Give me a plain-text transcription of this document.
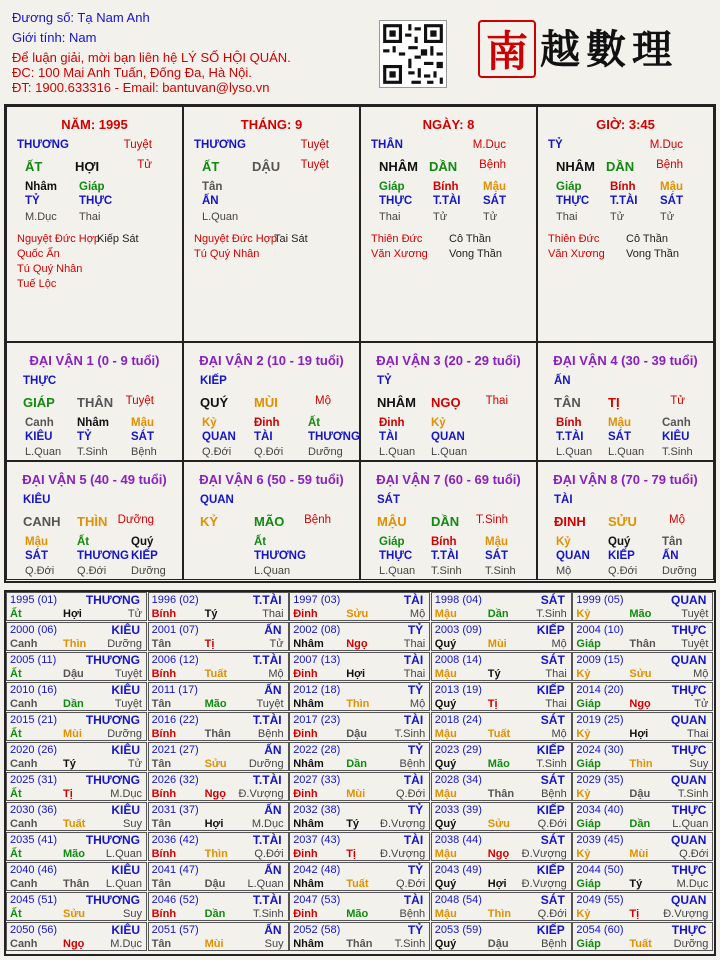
Đương số: Tạ Nam Anh
Giới tính: Nam
Để luận giải, mời bạn liên hệ LÝ SỐ HỘI QUÁN.
ĐC: 100 Mai Anh Tuấn, Đống Đa, Hà Nội.
ĐT: 1900.633316 - Email: bantuvan@lyso.vn
南 越數理
NĂM: 1995
THƯƠNG	Tuyệt
ẤT	HỢI	Tử
Nhâm Giáp
TỶ	THỰC
M.Dục Thai
Nguyệt Đức Hợp
Quốc Ấn
Tú Quý Nhân
Tuế Lộc
Kiếp Sát
THÁNG: 9
THƯƠNG	Tuyệt
ẤT	DẬU Tuyệt
Tân
ẤN
L.Quan
Nguyệt Đức Hợp
Tú Quý Nhân
Tai Sát
NGÀY: 8
THÂN	M.Dục
NHÂM DẦN Bệnh
Giáp Bính Mậu
THỰC T.TÀI SÁT
Thai	Tử	Tử
Thiên Đức
Văn Xương
Cô Thần
Vong Thần
GIỜ: 3:45
TỶ	M.Dục
NHÂM DẦN Bệnh
Giáp Bính Mậu
THỰC T.TÀI SÁT
Thai	Tử	Tử
Thiên Đức
Văn Xương
Cô Thần
Vong Thần
ĐẠI VẬN 1 (0 - 9 tuổi)
THỰC
GIÁP THÂN Tuyệt
Canh Nhâm Mậu
KIÊU TỶ	SÁT
L.Quan T.Sinh Bệnh
ĐẠI VẬN 2 (10 - 19 tuổi)
KIẾP
QUÝ MÙI	Mộ
Kỷ	Đinh Ất
QUAN TÀI	THƯƠNG
Q.Đới Q.Đới Dưỡng
ĐẠI VẬN 3 (20 - 29 tuổi)
TỶ
NHÂM NGỌ Thai
Đinh Kỷ
TÀI	QUAN
L.Quan L.Quan
ĐẠI VẬN 4 (30 - 39 tuổi)
ẤN
TÂN TỊ	Tử
Bính Mậu	Canh
T.TÀI SÁT	KIÊU
L.Quan L.Quan T.Sinh
ĐẠI VẬN 5 (40 - 49 tuổi)
KIÊU
CANH THÌN Dưỡng
Mậu	Ất	Quý
SÁT	THƯƠNG KIẾP
Q.Đới Q.Đới Dưỡng
ĐẠI VẬN 6 (50 - 59 tuổi)
QUAN
KỶ	MÃO Bệnh
Ất
THƯƠNG
L.Quan
ĐẠI VẬN 7 (60 - 69 tuổi)
SÁT
MẬU DẦN T.Sinh
Giáp Bính Mậu
THỰC T.TÀI SÁT
L.Quan T.Sinh T.Sinh
ĐẠI VẬN 8 (70 - 79 tuổi)
TÀI
ĐINH SỬU	Mộ
Kỷ	Quý	Tân
QUAN KIẾP ẤN
Mộ	Q.Đới Dưỡng
1995 (01) THƯƠNG
Ất	Hợi	Tử
1996 (02)	T.TÀI
Bính	Tý	Thai
1997 (03)	TÀI
Đinh	Sửu	Mộ
1998 (04)	SÁT
Mậu	Dần	T.Sinh
1999 (05)	QUAN
Kỷ	Mão	Tuyệt
2000 (06)	KIÊU
Canh Thìn Dưỡng
2001 (07)	ẤN
Tân	Tị	Tử
2002 (08)	TỶ
Nhâm Ngọ	Thai
2003 (09)	KIẾP
Quý	Mùi	Mộ
2004 (10)	THỰC
Giáp	Thân Tuyệt
2005 (11) THƯƠNG
Ất	Dậu	Tuyệt
2006 (12)	T.TÀI
Bính	Tuất	Mộ
2007 (13)	TÀI
Đinh	Hợi	Thai
2008 (14)	SÁT
Mậu	Tý	Thai
2009 (15)	QUAN
Kỷ	Sửu	Mộ
2010 (16)	KIÊU
Canh Dần	Tuyệt
2011 (17)	ẤN
Tân	Mão	Tuyệt
2012 (18)	TỶ
Nhâm Thìn	Mộ
2013 (19)	KIẾP
Quý	Tị	Thai
2014 (20)	THỰC
Giáp	Ngọ	Tử
2015 (21) THƯƠNG
Ất	Mùi Dưỡng
2016 (22)	T.TÀI
Bính	Thân Bệnh
2017 (23)	TÀI
Đinh	Dậu	T.Sinh
2018 (24)	SÁT
Mậu	Tuất	Mộ
2019 (25)	QUAN
Kỷ	Hợi	Thai
2020 (26)	KIÊU
Canh Tý	Tử
2021 (27)	ẤN
Tân	Sửu Dưỡng
2022 (28)	TỶ
Nhâm Dần	Bệnh
2023 (29)	KIẾP
Quý	Mão T.Sinh
2024 (30)	THỰC
Giáp	Thìn	Suy
2025 (31) THƯƠNG
Ất	Tị	M.Dục
2026 (32)	T.TÀI
Bính	Ngọ Đ.Vượng
2027 (33)	TÀI
Đinh	Mùi	Q.Đới
2028 (34)	SÁT
Mậu	Thân Bệnh
2029 (35)	QUAN
Kỷ	Dậu	T.Sinh
2030 (36)	KIÊU
Canh Tuất	Suy
2031 (37)	ẤN
Tân	Hợi	M.Dục
2032 (38)	TỶ
Nhâm Tý Đ.Vượng
2033 (39)	KIẾP
Quý	Sửu	Q.Đới
2034 (40)	THỰC
Giáp	Dần L.Quan
2035 (41) THƯƠNG
Ất	Mão L.Quan
2036 (42)	T.TÀI
Bính	Thìn Q.Đới
2037 (43)	TÀI
Đinh	Tị Đ.Vượng
2038 (44)	SÁT
Mậu	Ngọ Đ.Vượng
2039 (45)	QUAN
Kỷ	Mùi	Q.Đới
2040 (46)	KIÊU
Canh Thân L.Quan
2041 (47)	ẤN
Tân	Dậu L.Quan
2042 (48)	TỶ
Nhâm Tuất Q.Đới
2043 (49)	KIẾP
Quý	Hợi Đ.Vượng
2044 (50)	THỰC
Giáp	Tý	M.Dục
2045 (51) THƯƠNG
Ất	Sửu	Suy
2046 (52)	T.TÀI
Bính	Dần	T.Sinh
2047 (53)	TÀI
Đinh	Mão	Bệnh
2048 (54)	SÁT
Mậu	Thìn Q.Đới
2049 (55)	QUAN
Kỷ	Tị Đ.Vượng
2050 (56)	KIÊU
Canh Ngọ M.Dục
2051 (57)	ẤN
Tân	Mùi	Suy
2052 (58)	TỶ
Nhâm Thân T.Sinh
2053 (59)	KIẾP
Quý	Dậu	Bệnh
2054 (60)	THỰC
Giáp	Tuất Dưỡng
